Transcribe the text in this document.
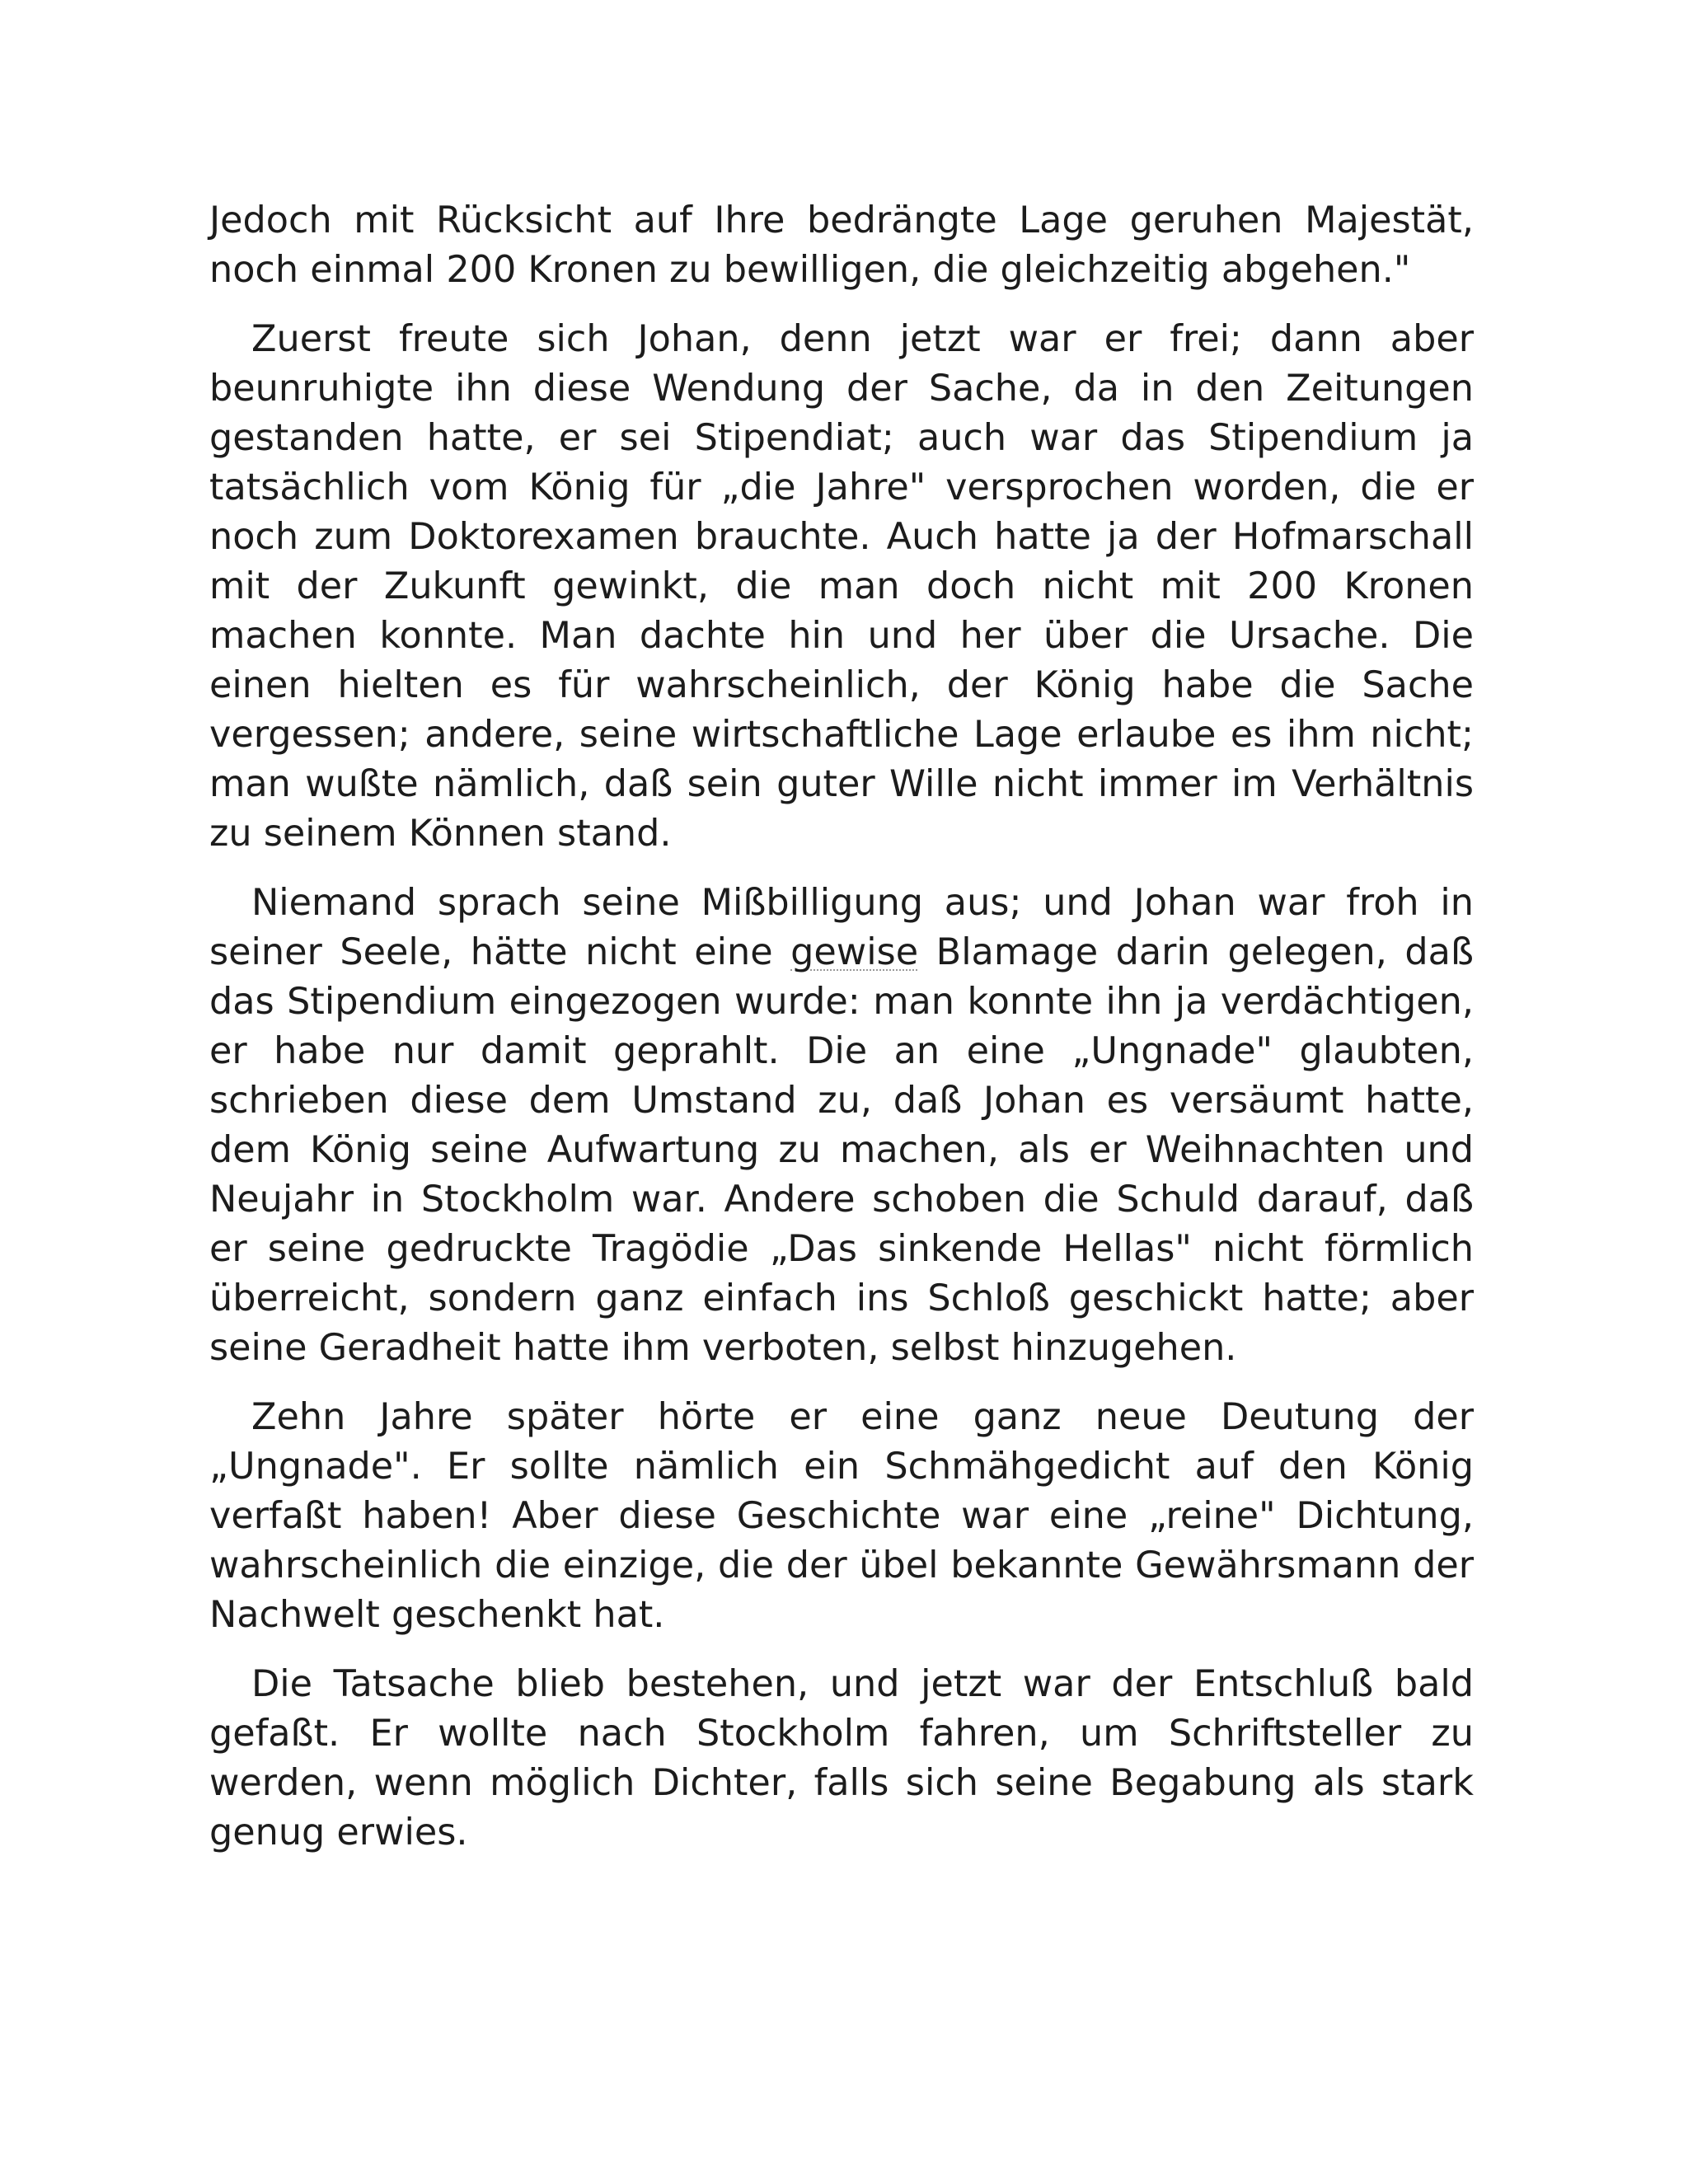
Jedoch mit Rücksicht auf Ihre bedrängte Lage geruhen Majestät, noch einmal 200 Kronen zu bewilligen, die gleichzeitig abgehen."

Zuerst freute sich Johan, denn jetzt war er frei; dann aber beunruhigte ihn diese Wendung der Sache, da in den Zeitungen gestanden hatte, er sei Stipendiat; auch war das Stipendium ja tatsächlich vom König für „die Jahre" versprochen worden, die er noch zum Doktorexamen brauchte. Auch hatte ja der Hofmarschall mit der Zukunft gewinkt, die man doch nicht mit 200 Kronen machen konnte. Man dachte hin und her über die Ursache. Die einen hielten es für wahrscheinlich, der König habe die Sache vergessen; andere, seine wirtschaftliche Lage erlaube es ihm nicht; man wußte nämlich, daß sein guter Wille nicht immer im Verhältnis zu seinem Können stand.

Niemand sprach seine Mißbilligung aus; und Johan war froh in seiner Seele, hätte nicht eine gewise Blamage darin gelegen, daß das Stipendium eingezogen wurde: man konnte ihn ja verdächtigen, er habe nur damit geprahlt. Die an eine „Ungnade" glaubten, schrieben diese dem Umstand zu, daß Johan es versäumt hatte, dem König seine Aufwartung zu machen, als er Weihnachten und Neujahr in Stockholm war. Andere schoben die Schuld darauf, daß er seine gedruckte Tragödie „Das sinkende Hellas" nicht förmlich überreicht, sondern ganz einfach ins Schloß geschickt hatte; aber seine Geradheit hatte ihm verboten, selbst hinzugehen.

Zehn Jahre später hörte er eine ganz neue Deutung der „Ungnade". Er sollte nämlich ein Schmähgedicht auf den König verfaßt haben! Aber diese Geschichte war eine „reine" Dichtung, wahrscheinlich die einzige, die der übel bekannte Gewährsmann der Nachwelt geschenkt hat.

Die Tatsache blieb bestehen, und jetzt war der Entschluß bald gefaßt. Er wollte nach Stockholm fahren, um Schriftsteller zu werden, wenn möglich Dichter, falls sich seine Begabung als stark genug erwies.
